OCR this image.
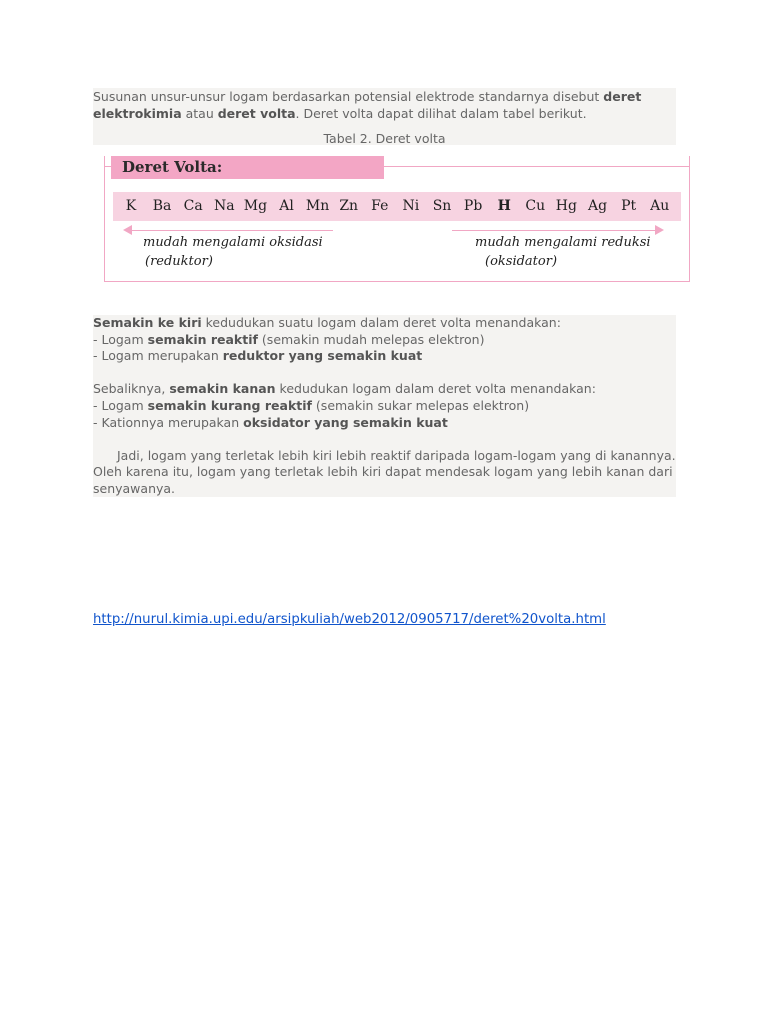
Susunan unsur-unsur logam berdasarkan potensial elektrode standarnya disebut deret elektrokimia atau deret volta. Deret volta dapat dilihat dalam tabel berikut.

Tabel 2. Deret volta

Deret Volta:
K Ba Ca Na Mg Al Mn Zn Fe Ni Sn Pb H Cu Hg Ag Pt Au
mudah mengalami oksidasi
(reduktor)
mudah mengalami reduksi
(oksidator)

Semakin ke kiri kedudukan suatu logam dalam deret volta menandakan:

- Logam semakin reaktif (semakin mudah melepas elektron)

- Logam merupakan reduktor yang semakin kuat

Sebaliknya, semakin kanan kedudukan logam dalam deret volta menandakan:

- Logam semakin kurang reaktif (semakin sukar melepas elektron)

- Kationnya merupakan oksidator yang semakin kuat

Jadi, logam yang terletak lebih kiri lebih reaktif daripada logam-logam yang di kanannya. Oleh karena itu, logam yang terletak lebih kiri dapat mendesak logam yang lebih kanan dari senyawanya.

http://nurul.kimia.upi.edu/arsipkuliah/web2012/0905717/deret%20volta.html
